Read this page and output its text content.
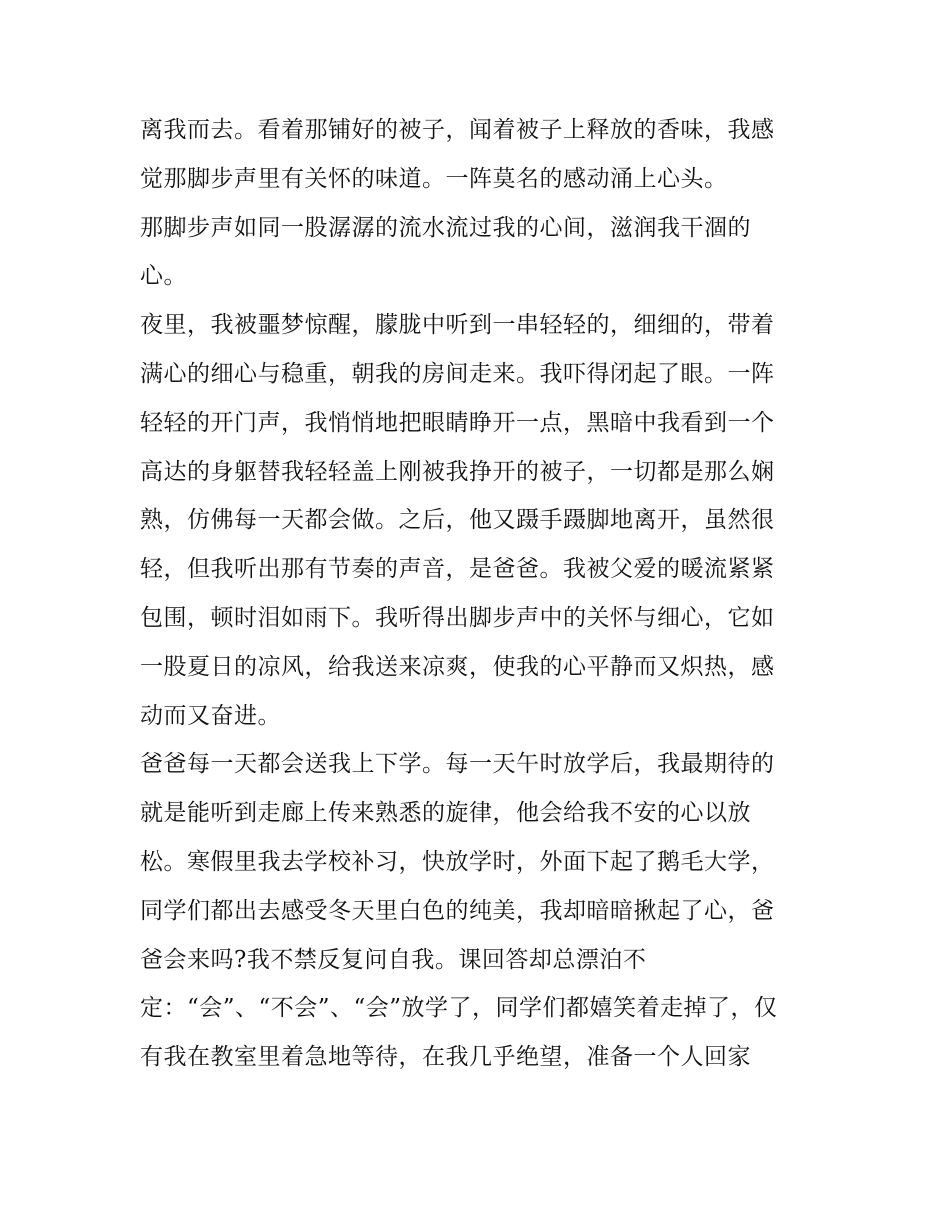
离我而去。看着那铺好的被子，闻着被子上释放的香味，我感
觉那脚步声里有关怀的味道。一阵莫名的感动涌上心头。
那脚步声如同一股潺潺的流水流过我的心间，滋润我干涸的
心。
夜里，我被噩梦惊醒，朦胧中听到一串轻轻的，细细的，带着
满心的细心与稳重，朝我的房间走来。我吓得闭起了眼。一阵
轻轻的开门声，我悄悄地把眼睛睁开一点，黑暗中我看到一个
高达的身躯替我轻轻盖上刚被我挣开的被子，一切都是那么娴
熟，仿佛每一天都会做。之后，他又蹑手蹑脚地离开，虽然很
轻，但我听出那有节奏的声音，是爸爸。我被父爱的暖流紧紧
包围，顿时泪如雨下。我听得出脚步声中的关怀与细心，它如
一股夏日的凉风，给我送来凉爽，使我的心平静而又炽热，感
动而又奋进。
爸爸每一天都会送我上下学。每一天午时放学后，我最期待的
就是能听到走廊上传来熟悉的旋律，他会给我不安的心以放
松。寒假里我去学校补习，快放学时，外面下起了鹅毛大学，
同学们都出去感受冬天里白色的纯美，我却暗暗揪起了心，爸
爸会来吗?我不禁反复问自我。课回答却总漂泊不
定：“会”、“不会”、“会”放学了，同学们都嬉笑着走掉了，仅
有我在教室里着急地等待，在我几乎绝望，准备一个人回家
